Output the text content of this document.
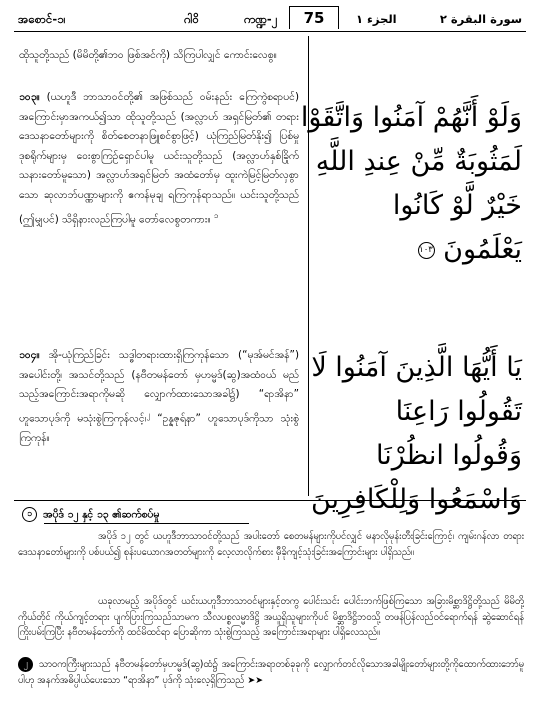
အစောင်-၁၊	ဂါဝိ	ကဏ္ဍ-၂	75	الجزء ١	سورة البقرة ٢

ထိုသူတို့သည် (မိမိတို့၏ဘဝ ဖြစ်အင်ကို) သိကြပါလျှင် ကောင်းလေစွ။

၁၀၃။ (ယဟူဒီ ဘာသာဝင်တို့၏ အဖြစ်သည် ဝမ်းနည်း ကြေကွဲစရာပင်) အကြောင်းမှာအကယ်၍သာ ထိုသူတို့သည် (အလ္လာဟ် အရှင်မြတ်၏ တရားဒေသနာတော်များကို စိတ်စေတနာဖြူစင်စွာဖြင့်) ယုံကြည်မြတ်နိုး၍ ပြစ်မှုဒုစရိုက်များမှ ဝေးစွာကြဉ်ရှောင်ပါမူ ယင်းသူတို့သည် (အလ္လာဟ်နှစ်ခြိုက်သနားတော်မူသော) အလ္လာဟ်အရှင်မြတ် အထံတော်မှ ထူးကဲမြင့်မြတ်လှစွာသော ဆုလာဘ်ပဏ္ဏာများကို ဧကန်မုချ ရကြကုန်ရာသည်။ ယင်းသူတို့သည် (ဤမျှပင်) သိရှိနားလည်ကြပါမူ တော်လေစွတကား။ $^၁$

၁၀၄။ အို-ယုံကြည်ခြင်း သဒ္ဓါတရားထားရှိကြကုန်သော (“မုအ်မင်အန်”) အပေါင်းတို့၊ အသင်တို့သည် (နဗီတမန်တော် မှဟမ္မဒ်(ဆွ)အထံဝယ် မည်သည့်အကြောင်းအရာကိုမဆို လျှောက်ထားသောအခါ၌) “ရာအိနာ” ဟူသောပုဒ်ကို မသုံးစွဲကြကုန်လင့်၊$^၂$ “ဥန္နဇုရ်နာ” ဟူသောပုဒ်ကိုသာ သုံးစွဲကြကုန်။

وَلَوْ أَنَّهُمْ آمَنُوا وَاتَّقَوْا
لَمَثُوبَةٌ مِّنْ عِندِ اللَّهِ
خَيْرٌ لَّوْ كَانُوا
يَعْلَمُونَ ١٠٣
يَا أَيُّهَا الَّذِينَ آمَنُوا لَا
تَقُولُوا رَاعِنَا
وَقُولُوا انظُرْنَا
وَاسْمَعُوا وَلِلْكَافِرِينَ
၁ အပိုဒ် ၁၂ နှင့် ၁၃ ၏ဆက်စပ်မှု

အပိုဒ် ၁၂ တွင် ယဟူဒီဘာသာဝင်တို့သည် အပါးတော် စေတမန်များကိုပင်လျှင် မနာလိုမုန်းတီးခြင်းကြောင့်၊ ကျမ်းဂန်လာ တရားဒေသနာတော်များကို ပစ်ပယ်၍ စုန်းပယောဂအတတ်များကို လေ့လာလိုက်စား မှီခိုကျင့်သုံးခြင်းအကြောင်းများ ပါရှိသည်။

ယခုလာမည့် အပိုဒ်တွင် ယင်းယဟူဒီဘာသာဝင်များနှင့်တကွ ပေါင်းသင်း ပေါင်းဘက်ဖြစ်ကြသော အခြားမိစ္ဆာဒိဋ္ဌိတို့သည် မိမိတို့ကိုယ်တိုင် ကိုယ်ကျင့်တရား ပျက်ပြားကြသည်သာမက သီလပစ္စလမ္မာဒိဋ္ဌိ အယူရှိသူများကိုပင် မိစ္ဆာဒိဋ္ဌိဘဝသို့ တဖန်ပြန်လည်ဝင်ရောက်ရန် ဆွဲဆောင်ရန် ကြိုးပမ်းကြပြီး နဗီတမန်တော်ကို ထင်မိထင်ရာ ပြောဆိုကာ သုံးစွဲကြသည့် အကြောင်းအရာများ ပါရှိလေသည်။

၂ သာဝကကြီးများသည် နဗီတမန်တော်မှဟမ္မဒ်(ဆွ)ထံ၌ အကြောင်းအရာတစ်ခုခုကို လျှောက်တင်လိုသောအခါမျိုးတော်များတို့ကိုထောက်ထားဘော်မူပါဟု အနက်အဓိပ္ပါယ်ပေးသော “ရာအိနာ” ပုဒ်ကို သုံးလေ့ရှိကြသည် ➤➤
